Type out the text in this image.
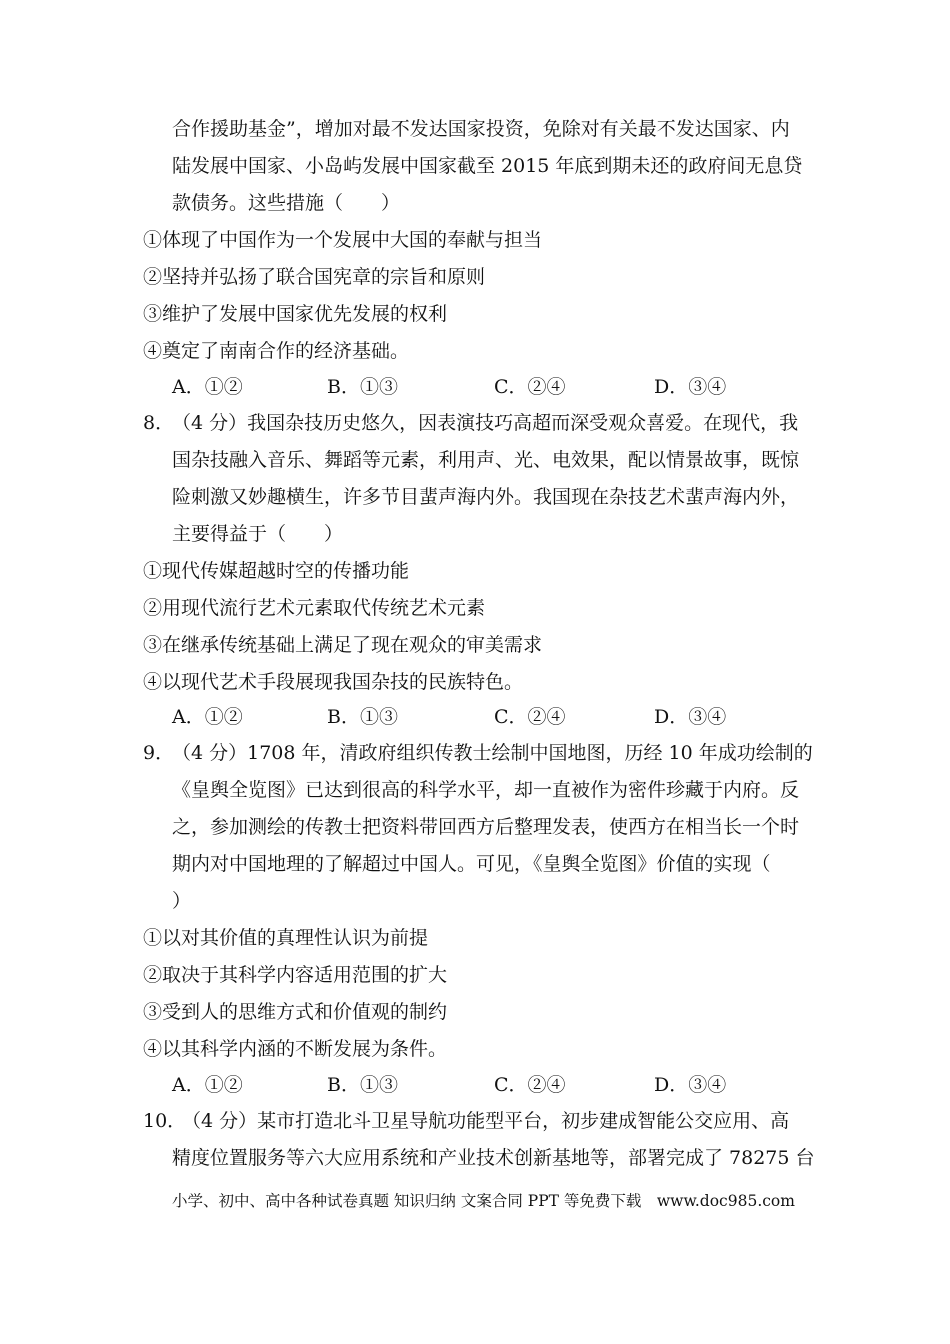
合作援助基金”，增加对最不发达国家投资，免除对有关最不发达国家、内
陆发展中国家、小岛屿发展中国家截至 2015 年底到期未还的政府间无息贷
款债务。这些措施（　　）
①体现了中国作为一个发展中大国的奉献与担当
②坚持并弘扬了联合国宪章的宗旨和原则
③维护了发展中国家优先发展的权利
④奠定了南南合作的经济基础。
A．①②	B．①③	C．②④	D．③④
8．
（4 分）我国杂技历史悠久，因表演技巧高超而深受观众喜爱。在现代，我
国杂技融入音乐、舞蹈等元素，利用声、光、电效果，配以情景故事，既惊
险刺激又妙趣横生，许多节目蜚声海内外。我国现在杂技艺术蜚声海内外，
主要得益于（　　）
①现代传媒超越时空的传播功能
②用现代流行艺术元素取代传统艺术元素
③在继承传统基础上满足了现在观众的审美需求
④以现代艺术手段展现我国杂技的民族特色。
A．①②	B．①③	C．②④	D．③④
9．
（4 分）1708 年，清政府组织传教士绘制中国地图，历经 10 年成功绘制的
《皇舆全览图》已达到很高的科学水平，却一直被作为密件珍藏于内府。反
之，参加测绘的传教士把资料带回西方后整理发表，使西方在相当长一个时
期内对中国地理的了解超过中国人。可见，《皇舆全览图》价值的实现（
）
①以对其价值的真理性认识为前提
②取决于其科学内容适用范围的扩大
③受到人的思维方式和价值观的制约
④以其科学内涵的不断发展为条件。
A．①②	B．①③	C．②④	D．③④
10．
（4 分）某市打造北斗卫星导航功能型平台，初步建成智能公交应用、高
精度位置服务等六大应用系统和产业技术创新基地等，部署完成了 78275 台
小学、初中、高中各种试卷真题 知识归纳 文案合同 PPT 等免费下载　www.doc985.com
